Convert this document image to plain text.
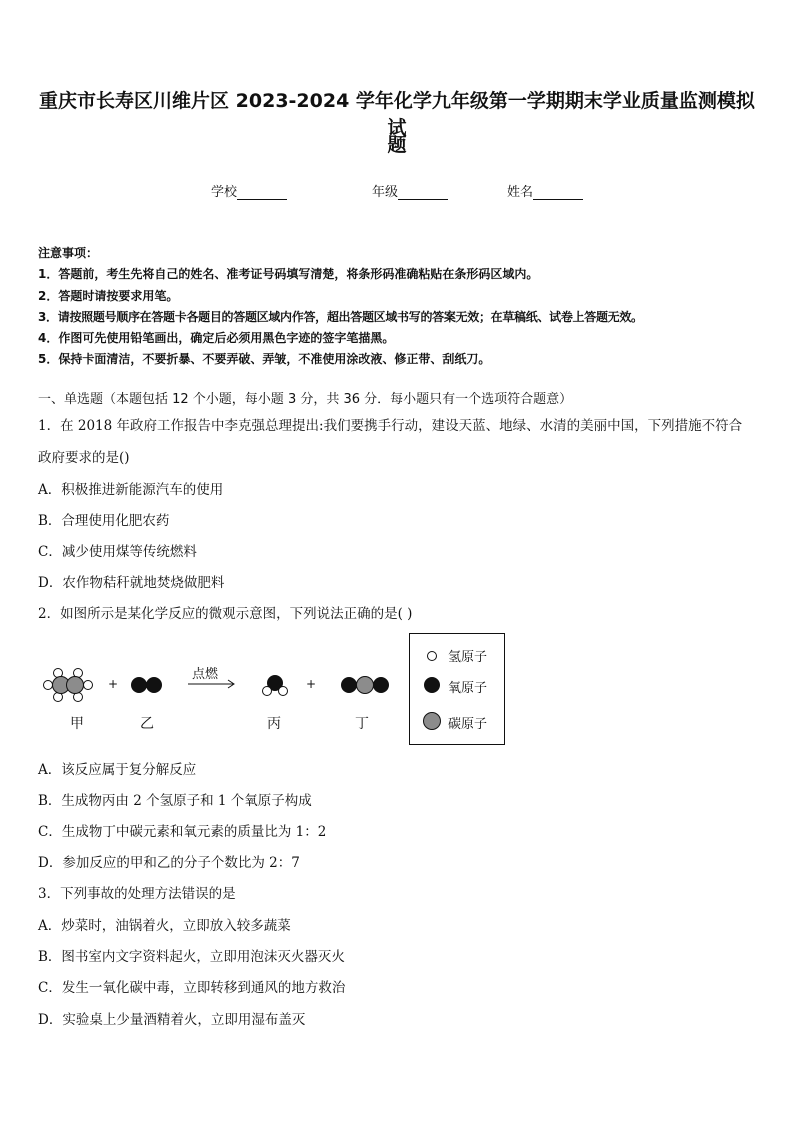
重庆市长寿区川维片区 2023-2024 学年化学九年级第一学期期末学业质量监测模拟试
题
学校	年级	姓名
注意事项：
1．答题前，考生先将自己的姓名、准考证号码填写清楚，将条形码准确粘贴在条形码区域内。
2．答题时请按要求用笔。
3．请按照题号顺序在答题卡各题目的答题区域内作答，超出答题区域书写的答案无效；在草稿纸、试卷上答题无效。
4．作图可先使用铅笔画出，确定后必须用黑色字迹的签字笔描黑。
5．保持卡面清洁，不要折暴、不要弄破、弄皱，不准使用涂改液、修正带、刮纸刀。
一、单选题（本题包括 12 个小题，每小题 3 分，共 36 分．每小题只有一个选项符合题意）
1．在 2018 年政府工作报告中李克强总理提出:我们要携手行动，建设天蓝、地绿、水清的美丽中国，下列措施不符合
政府要求的是()
A．积极推进新能源汽车的使用
B．合理使用化肥农药
C．减少使用煤等传统燃料
D．农作物秸秆就地焚烧做肥料
2．如图所示是某化学反应的微观示意图，下列说法正确的是( )
+	+
点燃
甲	乙	丙	丁
氢原子
氧原子
碳原子
A．该反应属于复分解反应
B．生成物丙由 2 个氢原子和 1 个氧原子构成
C．生成物丁中碳元素和氧元素的质量比为 1：2
D．参加反应的甲和乙的分子个数比为 2：7
3．下列事故的处理方法错误的是
A．炒菜时，油锅着火，立即放入较多蔬菜
B．图书室内文字资料起火，立即用泡沫灭火器灭火
C．发生一氧化碳中毒，立即转移到通风的地方救治
D．实验桌上少量酒精着火，立即用湿布盖灭
